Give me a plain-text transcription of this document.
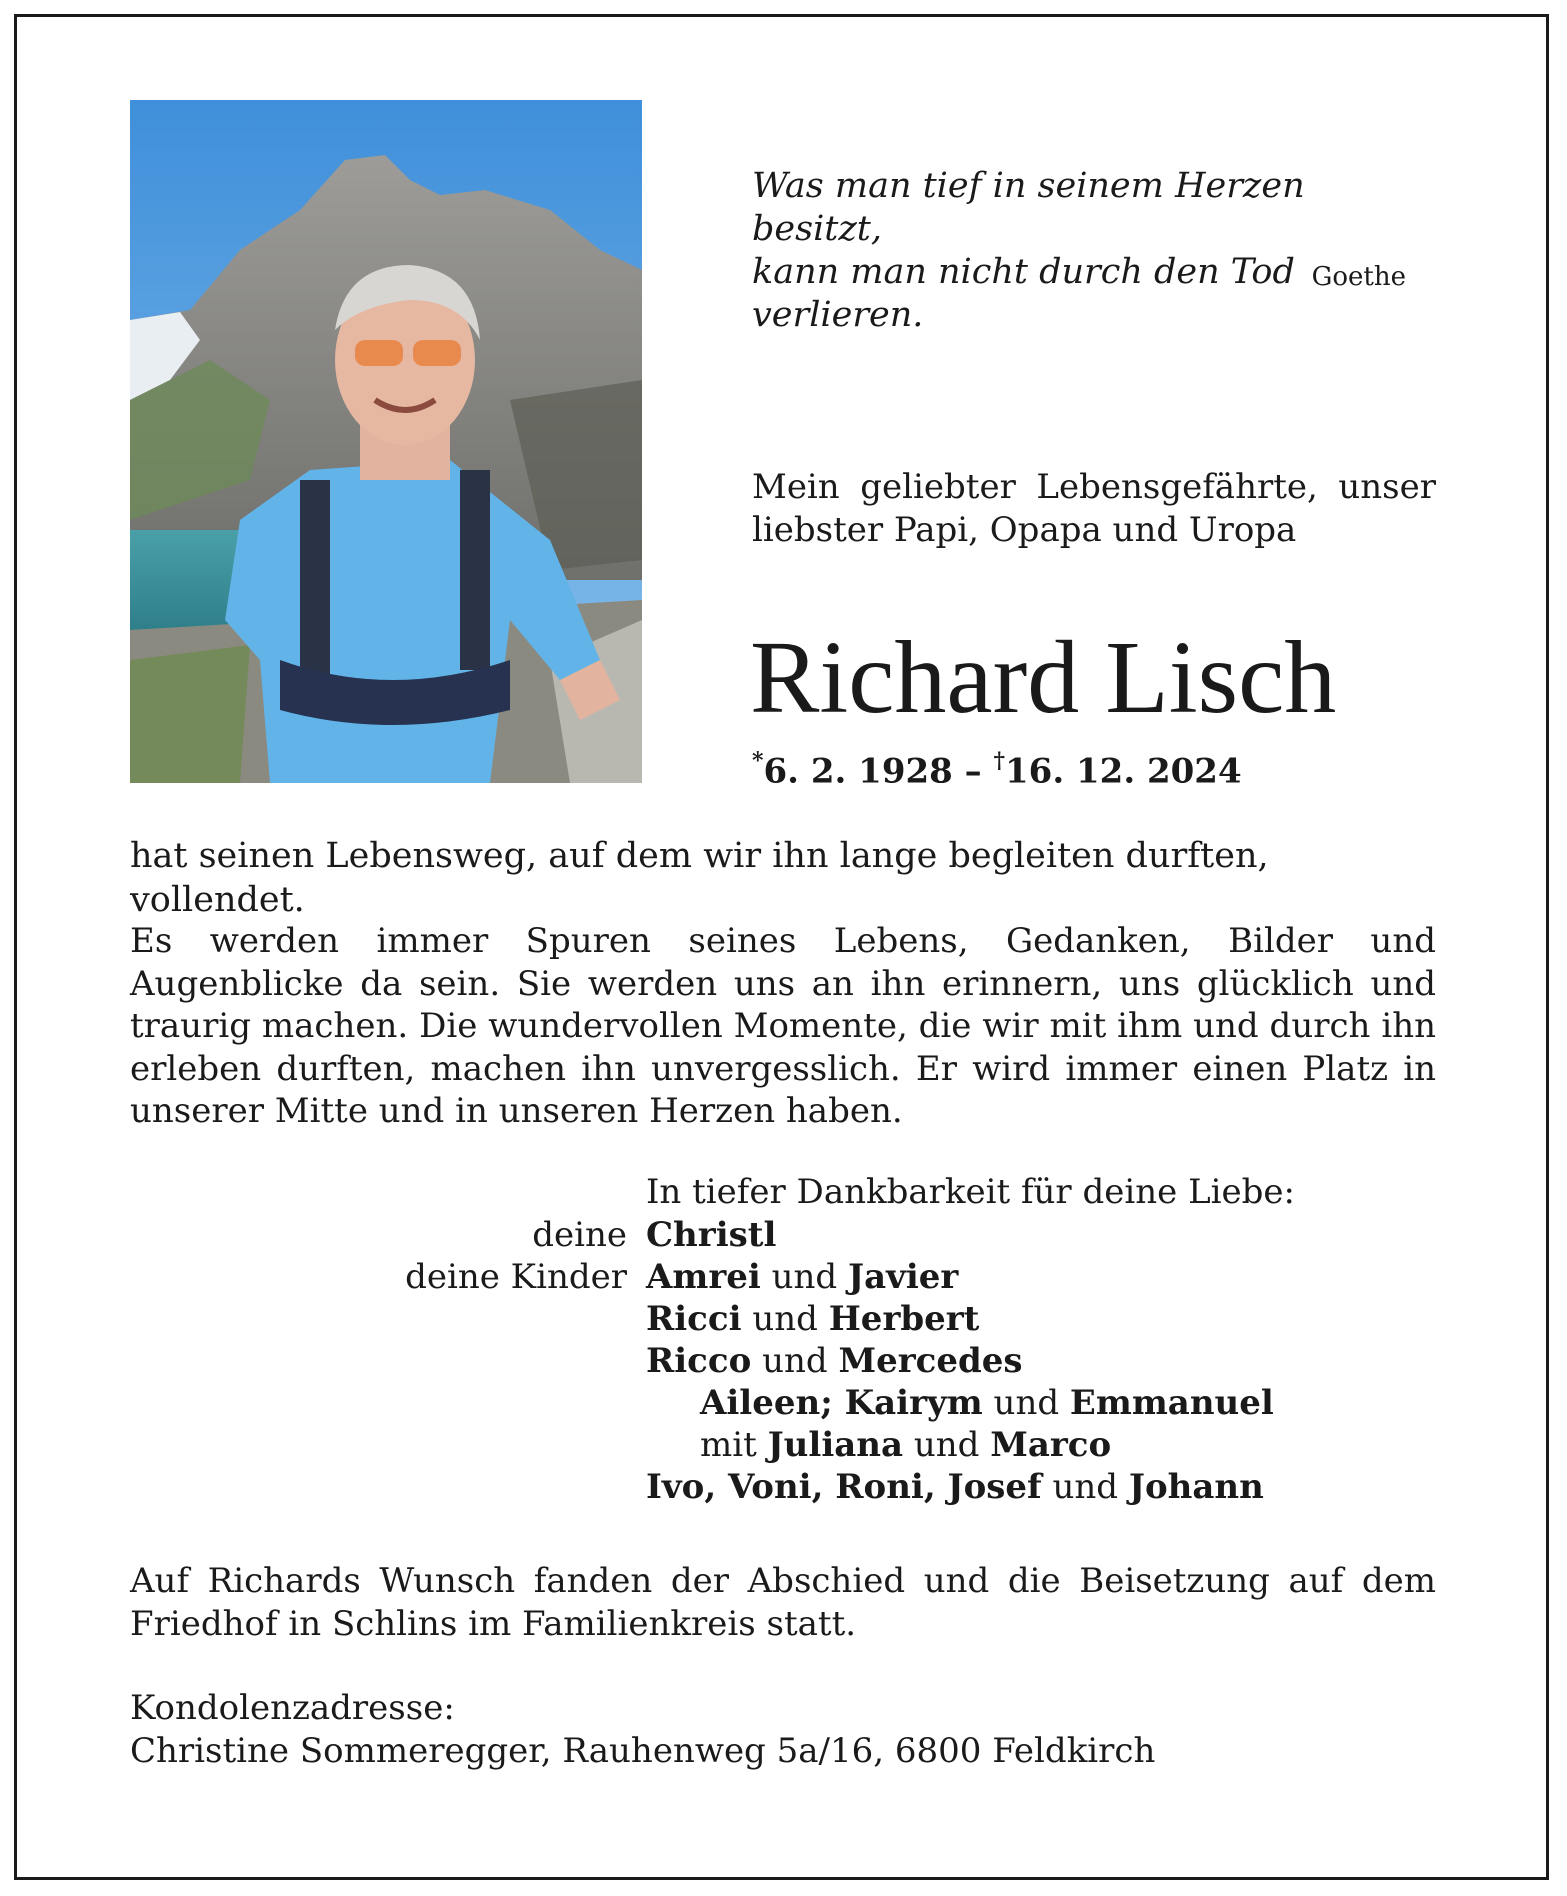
Was man tief in seinem Herzen besitzt,
kann man nicht durch den Tod verlieren.
Goethe
Mein geliebter Lebensgefährte, unser liebster Papi, Opapa und Uropa
Richard Lisch
*6. 2. 1928 – †16. 12. 2024
hat seinen Lebensweg, auf dem wir ihn lange begleiten durften, vollendet.
Es werden immer Spuren seines Lebens, Gedanken, Bilder und Augenblicke da sein. Sie werden uns an ihn erinnern, uns glücklich und traurig machen. Die wundervollen Momente, die wir mit ihm und durch ihn erleben durften, machen ihn unvergesslich. Er wird immer einen Platz in unserer Mitte und in unseren Herzen haben.
In tiefer Dankbarkeit für deine Liebe:
deine Christl
deine Kinder Amrei und Javier
Ricci und Herbert
Ricco und Mercedes
Aileen; Kairym und Emmanuel
mit Juliana und Marco
Ivo, Voni, Roni, Josef und Johann
Auf Richards Wunsch fanden der Abschied und die Beisetzung auf dem Friedhof in Schlins im Familienkreis statt.
Kondolenzadresse:
Christine Sommeregger, Rauhenweg 5a/16, 6800 Feldkirch
